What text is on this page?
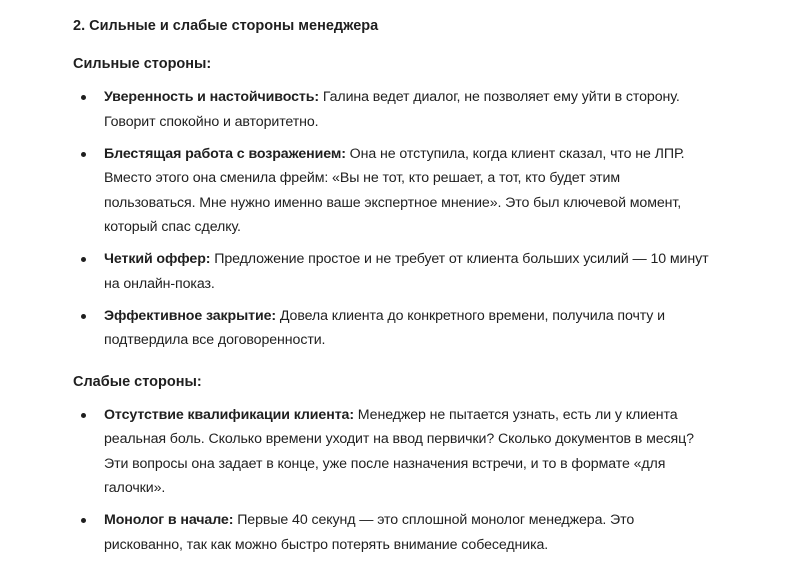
2. Сильные и слабые стороны менеджера
Сильные стороны:
Уверенность и настойчивость: Галина ведет диалог, не позволяет ему уйти в сторону. Говорит спокойно и авторитетно.
Блестящая работа с возражением: Она не отступила, когда клиент сказал, что не ЛПР. Вместо этого она сменила фрейм: «Вы не тот, кто решает, а тот, кто будет этим пользоваться. Мне нужно именно ваше экспертное мнение». Это был ключевой момент, который спас сделку.
Четкий оффер: Предложение простое и не требует от клиента больших усилий — 10 минут на онлайн-показ.
Эффективное закрытие: Довела клиента до конкретного времени, получила почту и подтвердила все договоренности.
Слабые стороны:
Отсутствие квалификации клиента: Менеджер не пытается узнать, есть ли у клиента реальная боль. Сколько времени уходит на ввод первички? Сколько документов в месяц? Эти вопросы она задает в конце, уже после назначения встречи, и то в формате «для галочки».
Монолог в начале: Первые 40 секунд — это сплошной монолог менеджера. Это рискованно, так как можно быстро потерять внимание собеседника.
